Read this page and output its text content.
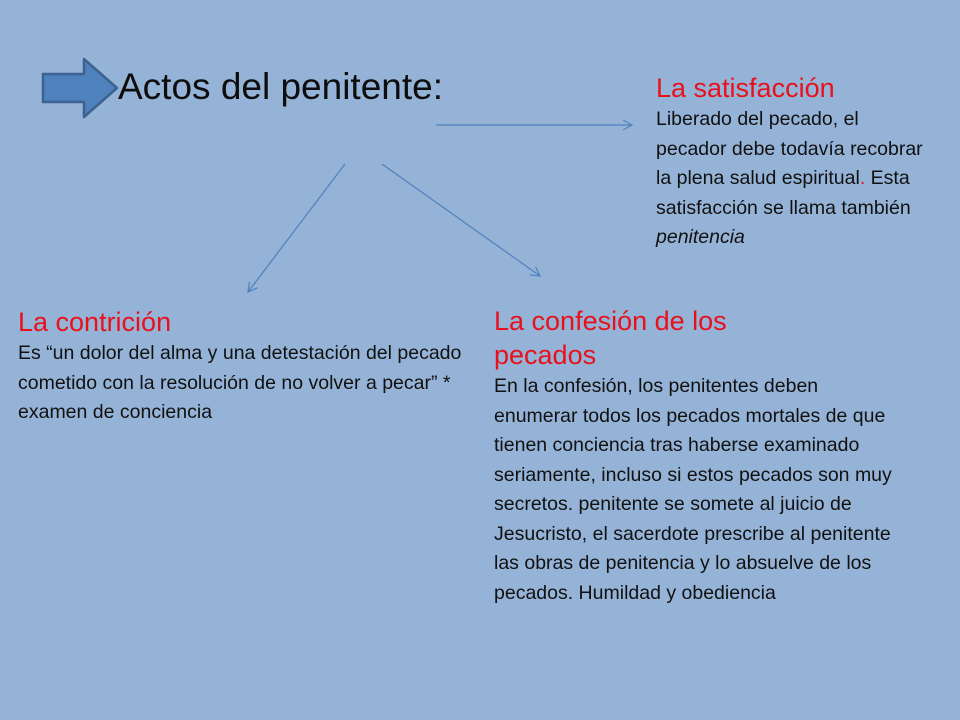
Actos del penitente:	La satisfacción
Liberado del pecado, el pecador debe todavía recobrar la plena salud espiritual. Esta satisfacción se llama también penitencia
La contrición
Es “un dolor del alma y una detestación del pecado cometido con la resolución de no volver a pecar” * examen de conciencia
La confesión de los pecados
En la confesión, los penitentes deben enumerar todos los pecados mortales de que tienen conciencia tras haberse examinado seriamente, incluso si estos pecados son muy secretos. penitente se somete al juicio de Jesucristo, el sacerdote prescribe al penitente las obras de penitencia y lo absuelve de los pecados. Humildad y obediencia
